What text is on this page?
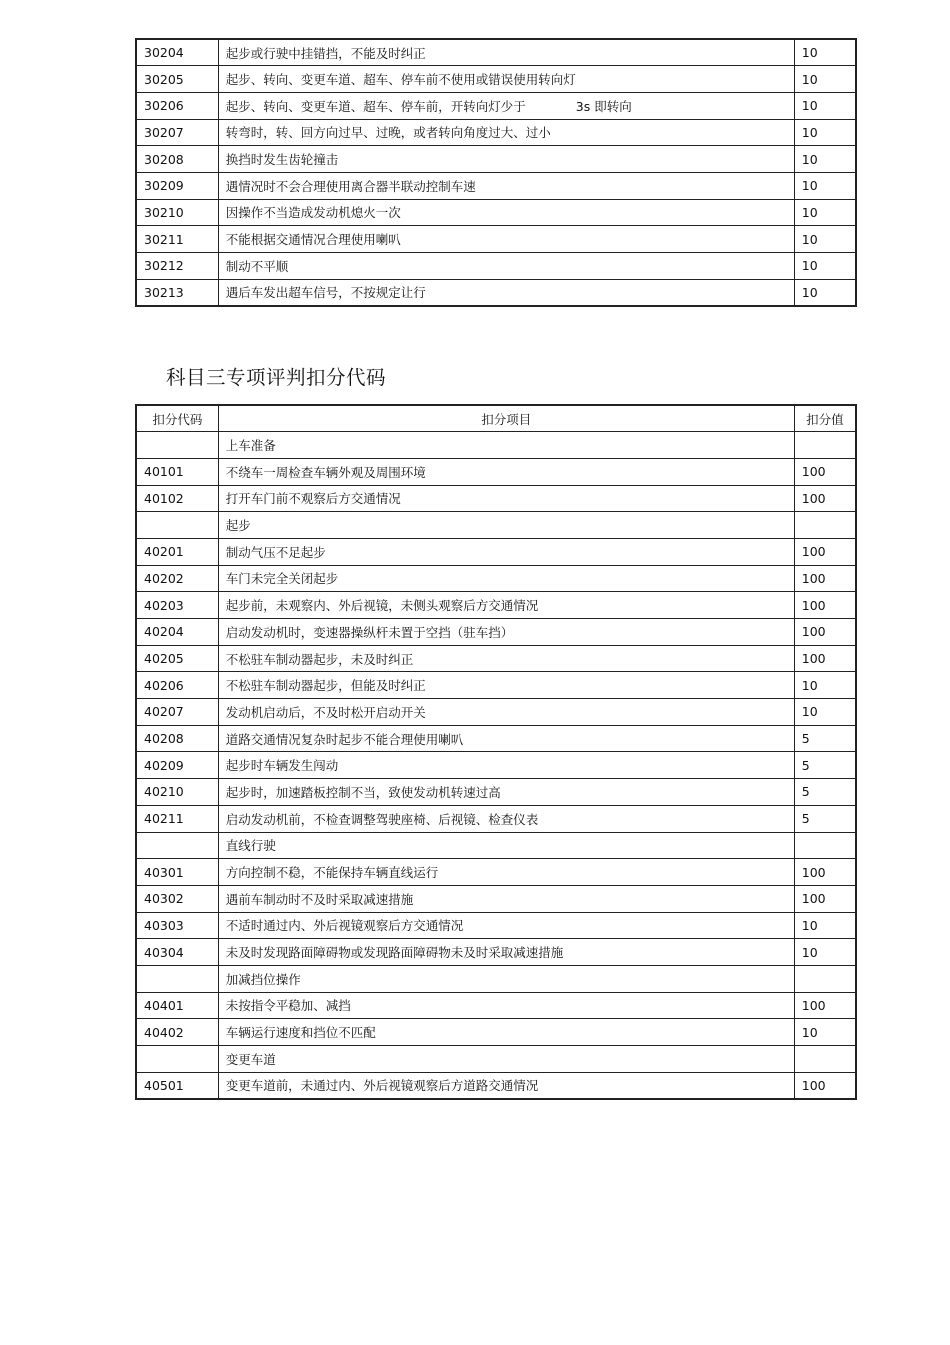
30204	起步或行驶中挂错挡，不能及时纠正	10
30205	起步、转向、变更车道、超车、停车前不使用或错误使用转向灯	10
30206	起步、转向、变更车道、超车、停车前，开转向灯少于 3s 即转向	10
30207	转弯时，转、回方向过早、过晚，或者转向角度过大、过小	10
30208	换挡时发生齿轮撞击	10
30209	遇情况时不会合理使用离合器半联动控制车速	10
30210	因操作不当造成发动机熄火一次	10
30211	不能根据交通情况合理使用喇叭	10
30212	制动不平顺	10
30213	遇后车发出超车信号，不按规定让行	10
科目三专项评判扣分代码
扣分代码	扣分项目	扣分值
	上车准备	
40101	不绕车一周检查车辆外观及周围环境	100
40102	打开车门前不观察后方交通情况	100
	起步	
40201	制动气压不足起步	100
40202	车门未完全关闭起步	100
40203	起步前，未观察内、外后视镜，未侧头观察后方交通情况	100
40204	启动发动机时，变速器操纵杆未置于空挡（驻车挡）	100
40205	不松驻车制动器起步，未及时纠正	100
40206	不松驻车制动器起步，但能及时纠正	10
40207	发动机启动后，不及时松开启动开关	10
40208	道路交通情况复杂时起步不能合理使用喇叭	5
40209	起步时车辆发生闯动	5
40210	起步时，加速踏板控制不当，致使发动机转速过高	5
40211	启动发动机前，不检查调整驾驶座椅、后视镜、检查仪表	5
	直线行驶	
40301	方向控制不稳，不能保持车辆直线运行	100
40302	遇前车制动时不及时采取减速措施	100
40303	不适时通过内、外后视镜观察后方交通情况	10
40304	未及时发现路面障碍物或发现路面障碍物未及时采取减速措施	10
	加减挡位操作	
40401	未按指令平稳加、减挡	100
40402	车辆运行速度和挡位不匹配	10
	变更车道	
40501	变更车道前，未通过内、外后视镜观察后方道路交通情况	100
